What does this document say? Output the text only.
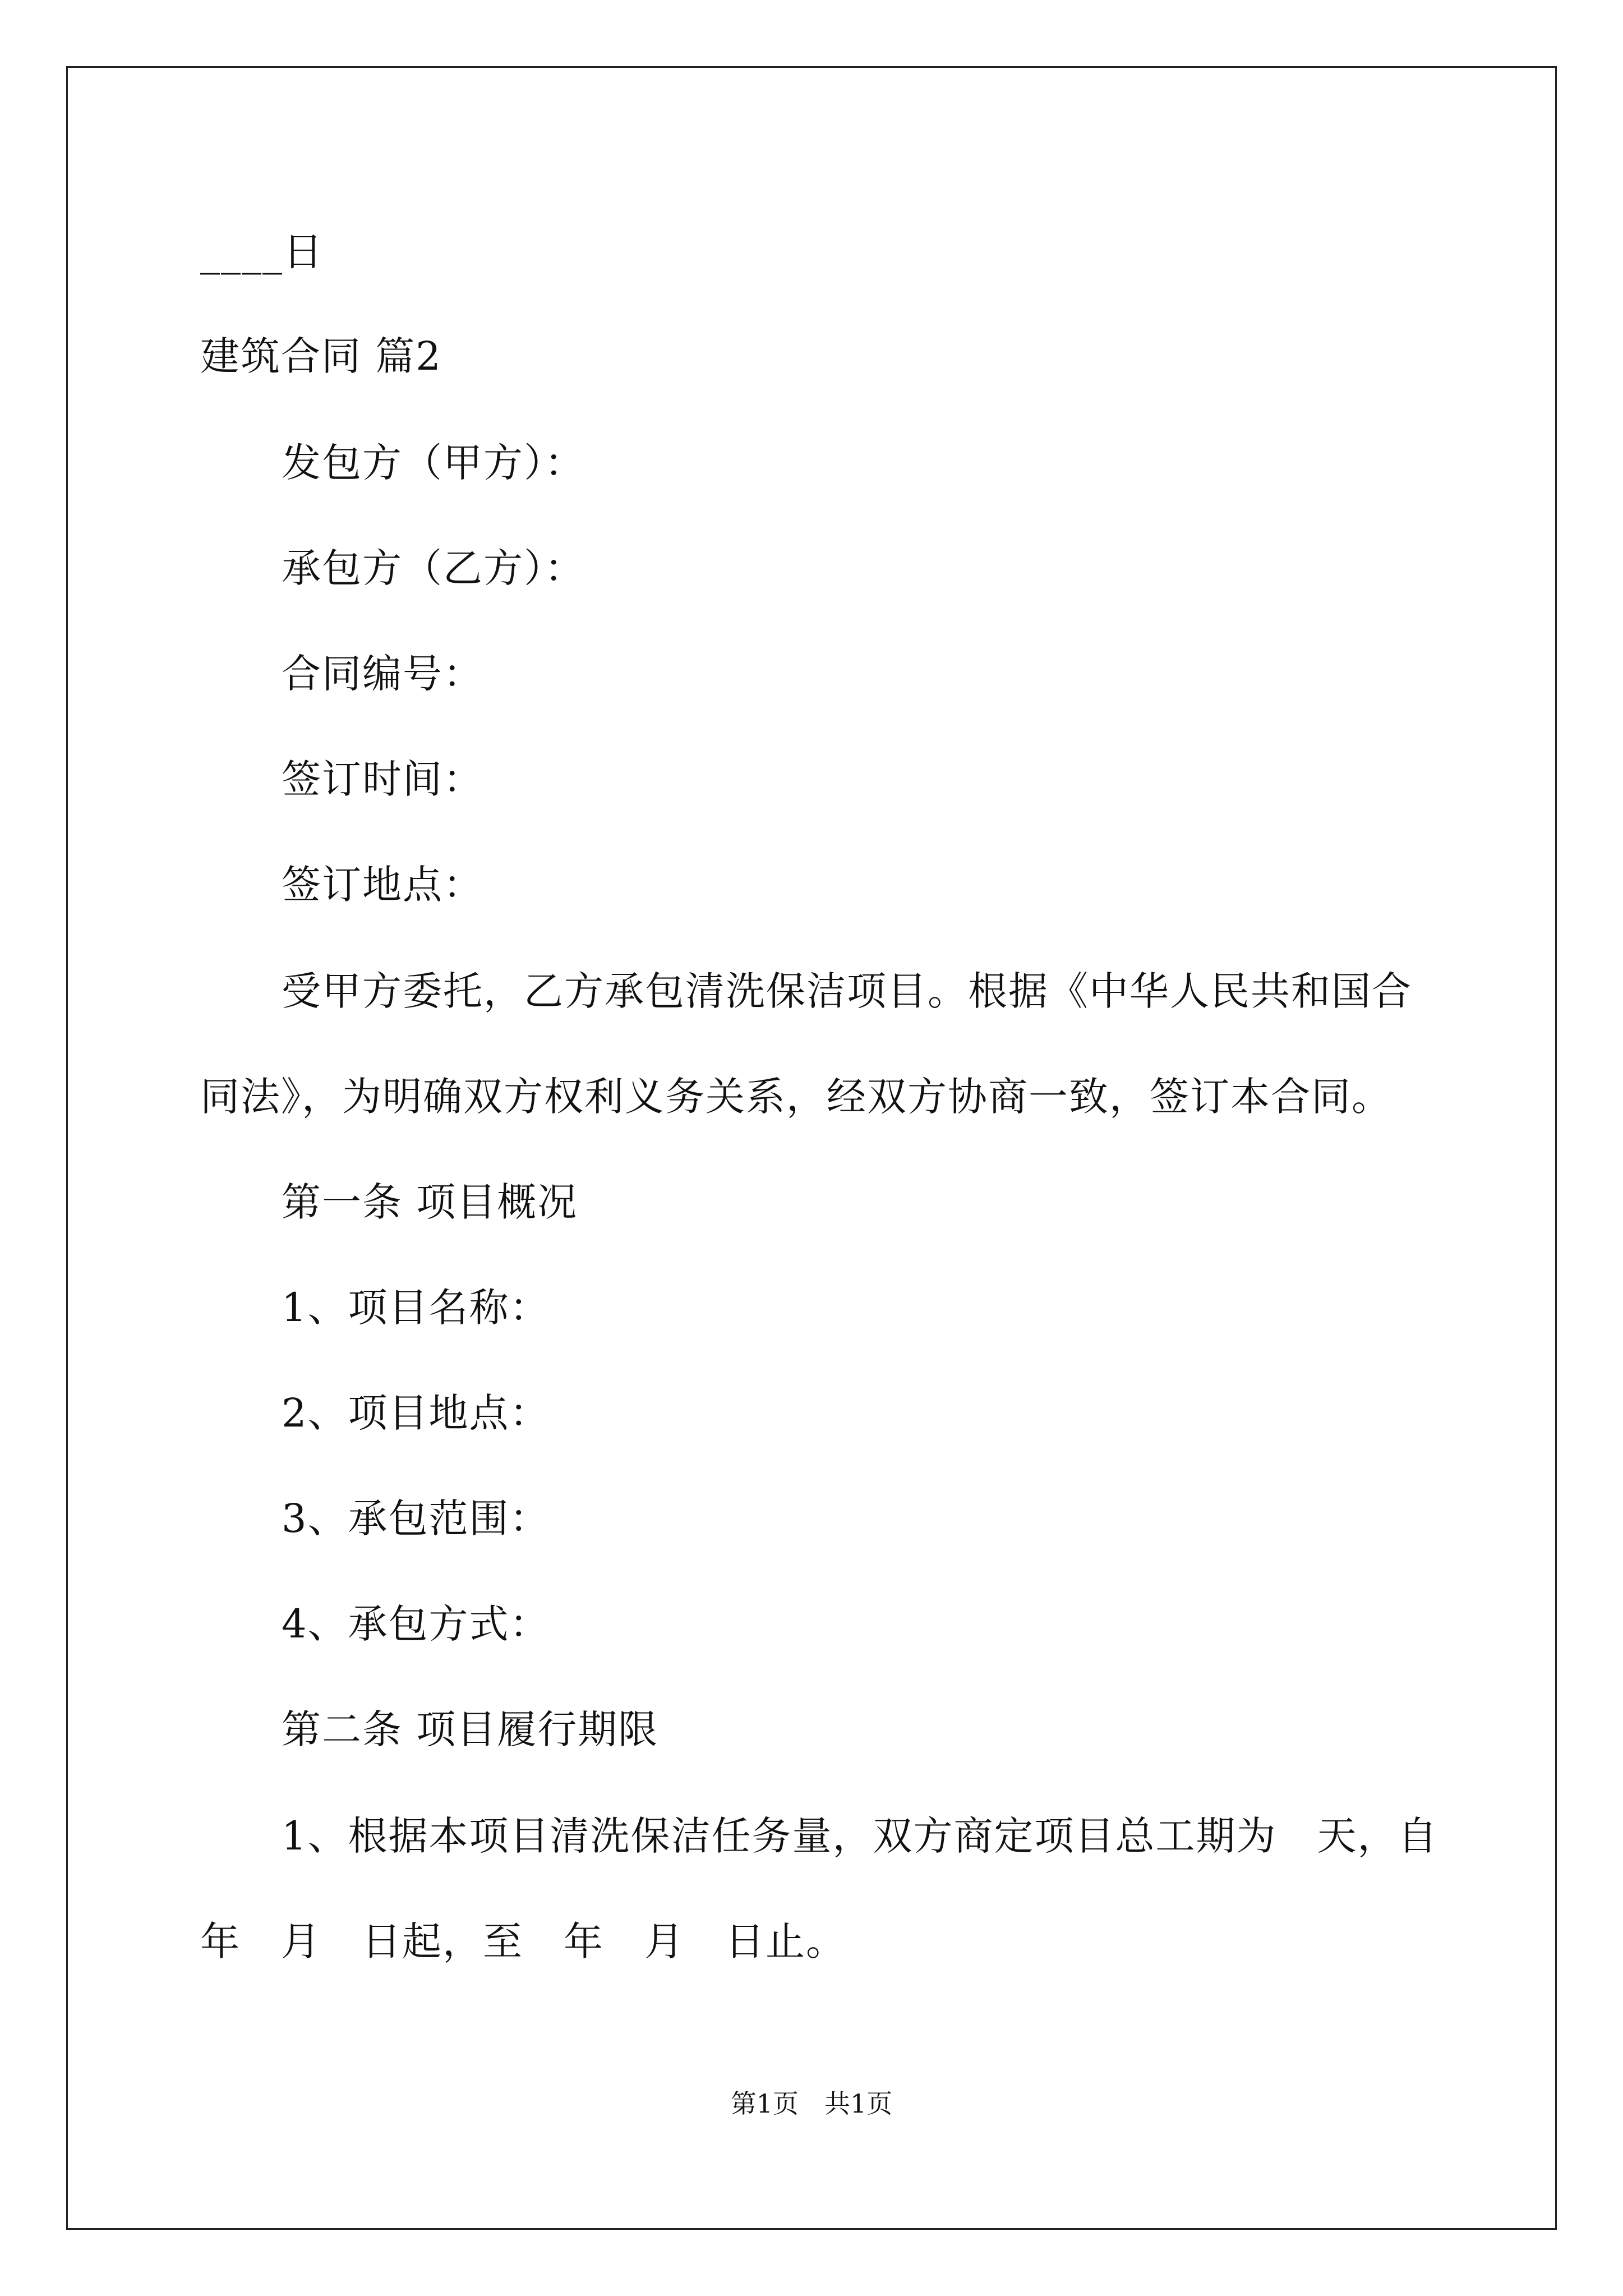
____日
建筑合同 篇2
发包方（甲方）：
承包方（乙方）：
合同编号：
签订时间：
签订地点：
受甲方委托，乙方承包清洗保洁项目。根据《中华人民共和国合
同法》，为明确双方权利义务关系，经双方协商一致，签订本合同。
第一条 项目概况
1、项目名称：
2、项目地点：
3、承包范围：
4、承包方式：
第二条 项目履行期限
1、根据本项目清洗保洁任务量，双方商定项目总工期为　天，自
年　月　日起，至　年　月　日止。
第1页　共1页
